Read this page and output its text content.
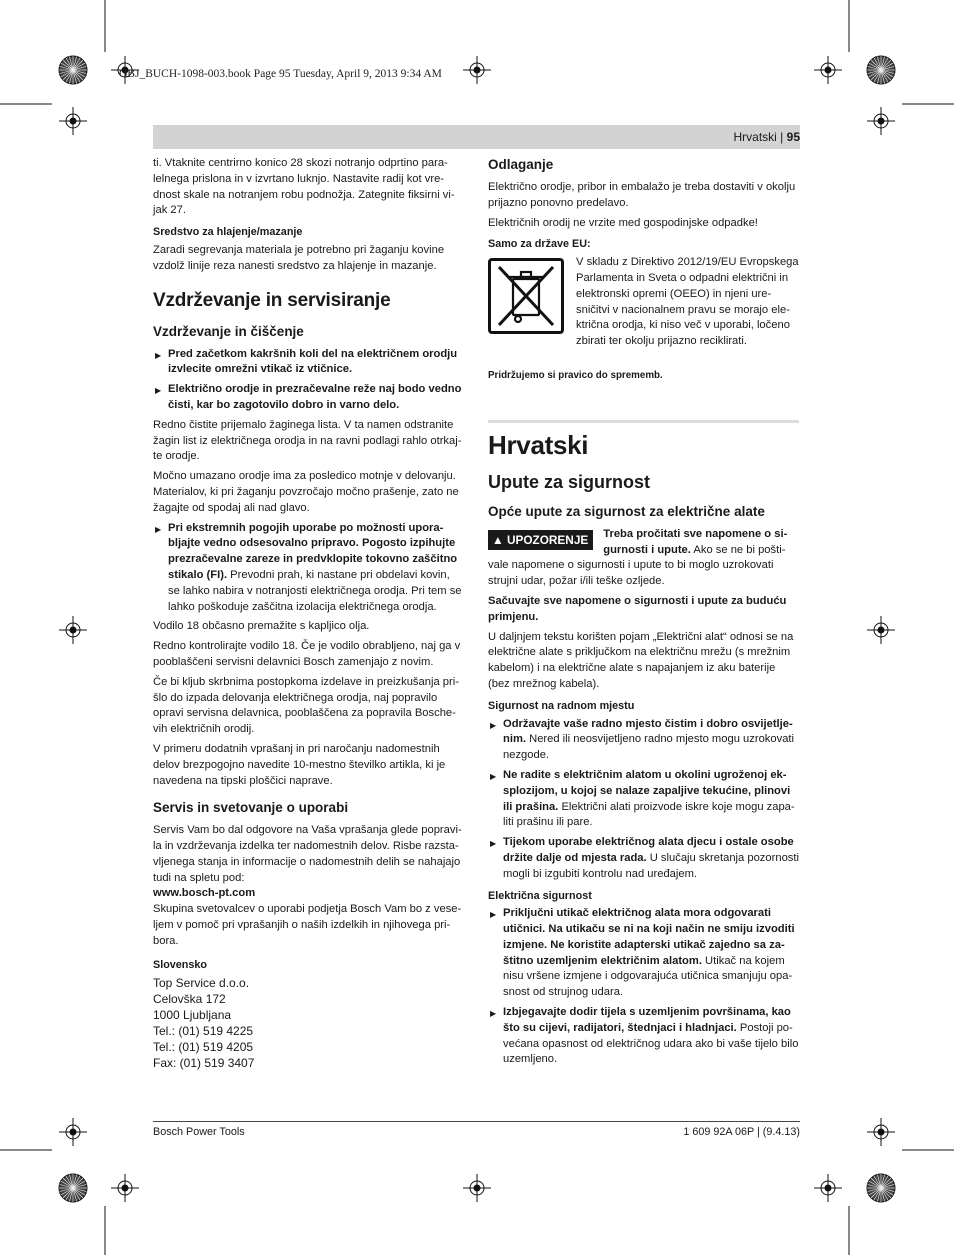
OBJ_BUCH-1098-003.book Page 95 Tuesday, April 9, 2013 9:34 AM
Hrvatski | 95

ti. Vtaknite centrirno konico 28 skozi notranjo odprtino paralelnega prislona in v izvrtano luknjo. Nastavite radij kot vrednost skale na notranjem robu podnožja. Zategnite fiksirni vijak 27.

Sredstvo za hlajenje/mazanje

Zaradi segrevanja materiala je potrebno pri žaganju kovine vzdolž linije reza nanesti sredstvo za hlajenje in mazanje.

Vzdrževanje in servisiranje
Vzdrževanje in čiščenje

▶ Pred začetkom kakršnih koli del na električnem orodju izvlecite omrežni vtikač iz vtičnice.

▶ Električno orodje in prezračevalne reže naj bodo vedno čisti, kar bo zagotovilo dobro in varno delo.

Redno čistite prijemalo žaginega lista. V ta namen odstranite žagin list iz električnega orodja in na ravni podlagi rahlo otrkajte orodje.

Močno umazano orodje ima za posledico motnje v delovanju. Materialov, ki pri žaganju povzročajo močno prašenje, zato ne žagajte od spodaj ali nad glavo.

▶ Pri ekstremnih pogojih uporabe po možnosti uporabljajte vedno odsesovalno pripravo. Pogosto izpihujte prezračevalne zareze in predvklopite tokovno zaščitno stikalo (FI). Prevodni prah, ki nastane pri obdelavi kovin, se lahko nabira v notranjosti električnega orodja. Pri tem se lahko poškoduje zaščitna izolacija električnega orodja.

Vodilo 18 občasno premažite s kapljico olja.

Redno kontrolirajte vodilo 18. Če je vodilo obrabljeno, naj ga v pooblaščeni servisni delavnici Bosch zamenjajo z novim.

Če bi kljub skrbnima postopkoma izdelave in preizkušanja prišlo do izpada delovanja električnega orodja, naj popravilo opravi servisna delavnica, pooblaščena za popravila Boschevih električnih orodij.

V primeru dodatnih vprašanj in pri naročanju nadomestnih delov brezpogojno navedite 10-mestno številko artikla, ki je navedena na tipski ploščici naprave.

Servis in svetovanje o uporabi

Servis Vam bo dal odgovore na Vaša vprašanja glede popravila in vzdrževanja izdelka ter nadomestnih delov. Risbe razstavljenega stanja in informacije o nadomestnih delih se nahajajo tudi na spletu pod:

www.bosch-pt.com

Skupina svetovalcev o uporabi podjetja Bosch Vam bo z veseljem v pomoč pri vprašanjih o naših izdelkih in njihovega pribora.

Slovensko
Top Service d.o.o.
Celovška 172
1000 Ljubljana
Tel.: (01) 519 4225
Tel.: (01) 519 4205
Fax: (01) 519 3407
Odlaganje

Električno orodje, pribor in embalažo je treba dostaviti v okolju prijazno ponovno predelavo.

Električnih orodij ne vrzite med gospodinjske odpadke!

Samo za države EU:

V skladu z Direktivo 2012/19/EU Evropskega Parlamenta in Sveta o odpadni električni in elektronski opremi (OEEO) in njeni uresničitvi v nacionalnem pravu se morajo električna orodja, ki niso več v uporabi, ločeno zbirati ter okolju prijazno reciklirati.

Pridržujemo si pravico do sprememb.
Hrvatski
Upute za sigurnost
Opće upute za sigurnost za električne alate

▲ UPOZORENJE	Treba pročitati sve napomene o sigurnosti i upute. Ako se ne bi poštivale napomene o sigurnosti i upute to bi moglo uzrokovati strujni udar, požar i/ili teške ozljede.

Sačuvajte sve napomene o sigurnosti i upute za buduću primjenu.

U daljnjem tekstu korišten pojam „Električni alat“ odnosi se na električne alate s priključkom na električnu mrežu (s mrežnim kabelom) i na električne alate s napajanjem iz aku baterije (bez mrežnog kabela).

Sigurnost na radnom mjestu

▶ Održavajte vaše radno mjesto čistim i dobro osvijetljenim. Nered ili neosvijetljeno radno mjesto mogu uzrokovati nezgode.

▶ Ne radite s električnim alatom u okolini ugroženoj eksplozijom, u kojoj se nalaze zapaljive tekućine, plinovi ili prašina. Električni alati proizvode iskre koje mogu zapaliti prašinu ili pare.

▶ Tijekom uporabe električnog alata djecu i ostale osobe držite dalje od mjesta rada. U slučaju skretanja pozornosti mogli bi izgubiti kontrolu nad uređajem.

Električna sigurnost

▶ Priključni utikač električnog alata mora odgovarati utičnici. Na utikaču se ni na koji način ne smiju izvoditi izmjene. Ne koristite adapterski utikač zajedno sa zaštitno uzemljenim električnim alatom. Utikač na kojem nisu vršene izmjene i odgovarajuća utičnica smanjuju opasnost od strujnog udara.

▶ Izbjegavajte dodir tijela s uzemljenim površinama, kao što su cijevi, radijatori, štednjaci i hladnjaci. Postoji povećana opasnost od električnog udara ako bi vaše tijelo bilo uzemljeno.

Bosch Power Tools	1 609 92A 06P | (9.4.13)
